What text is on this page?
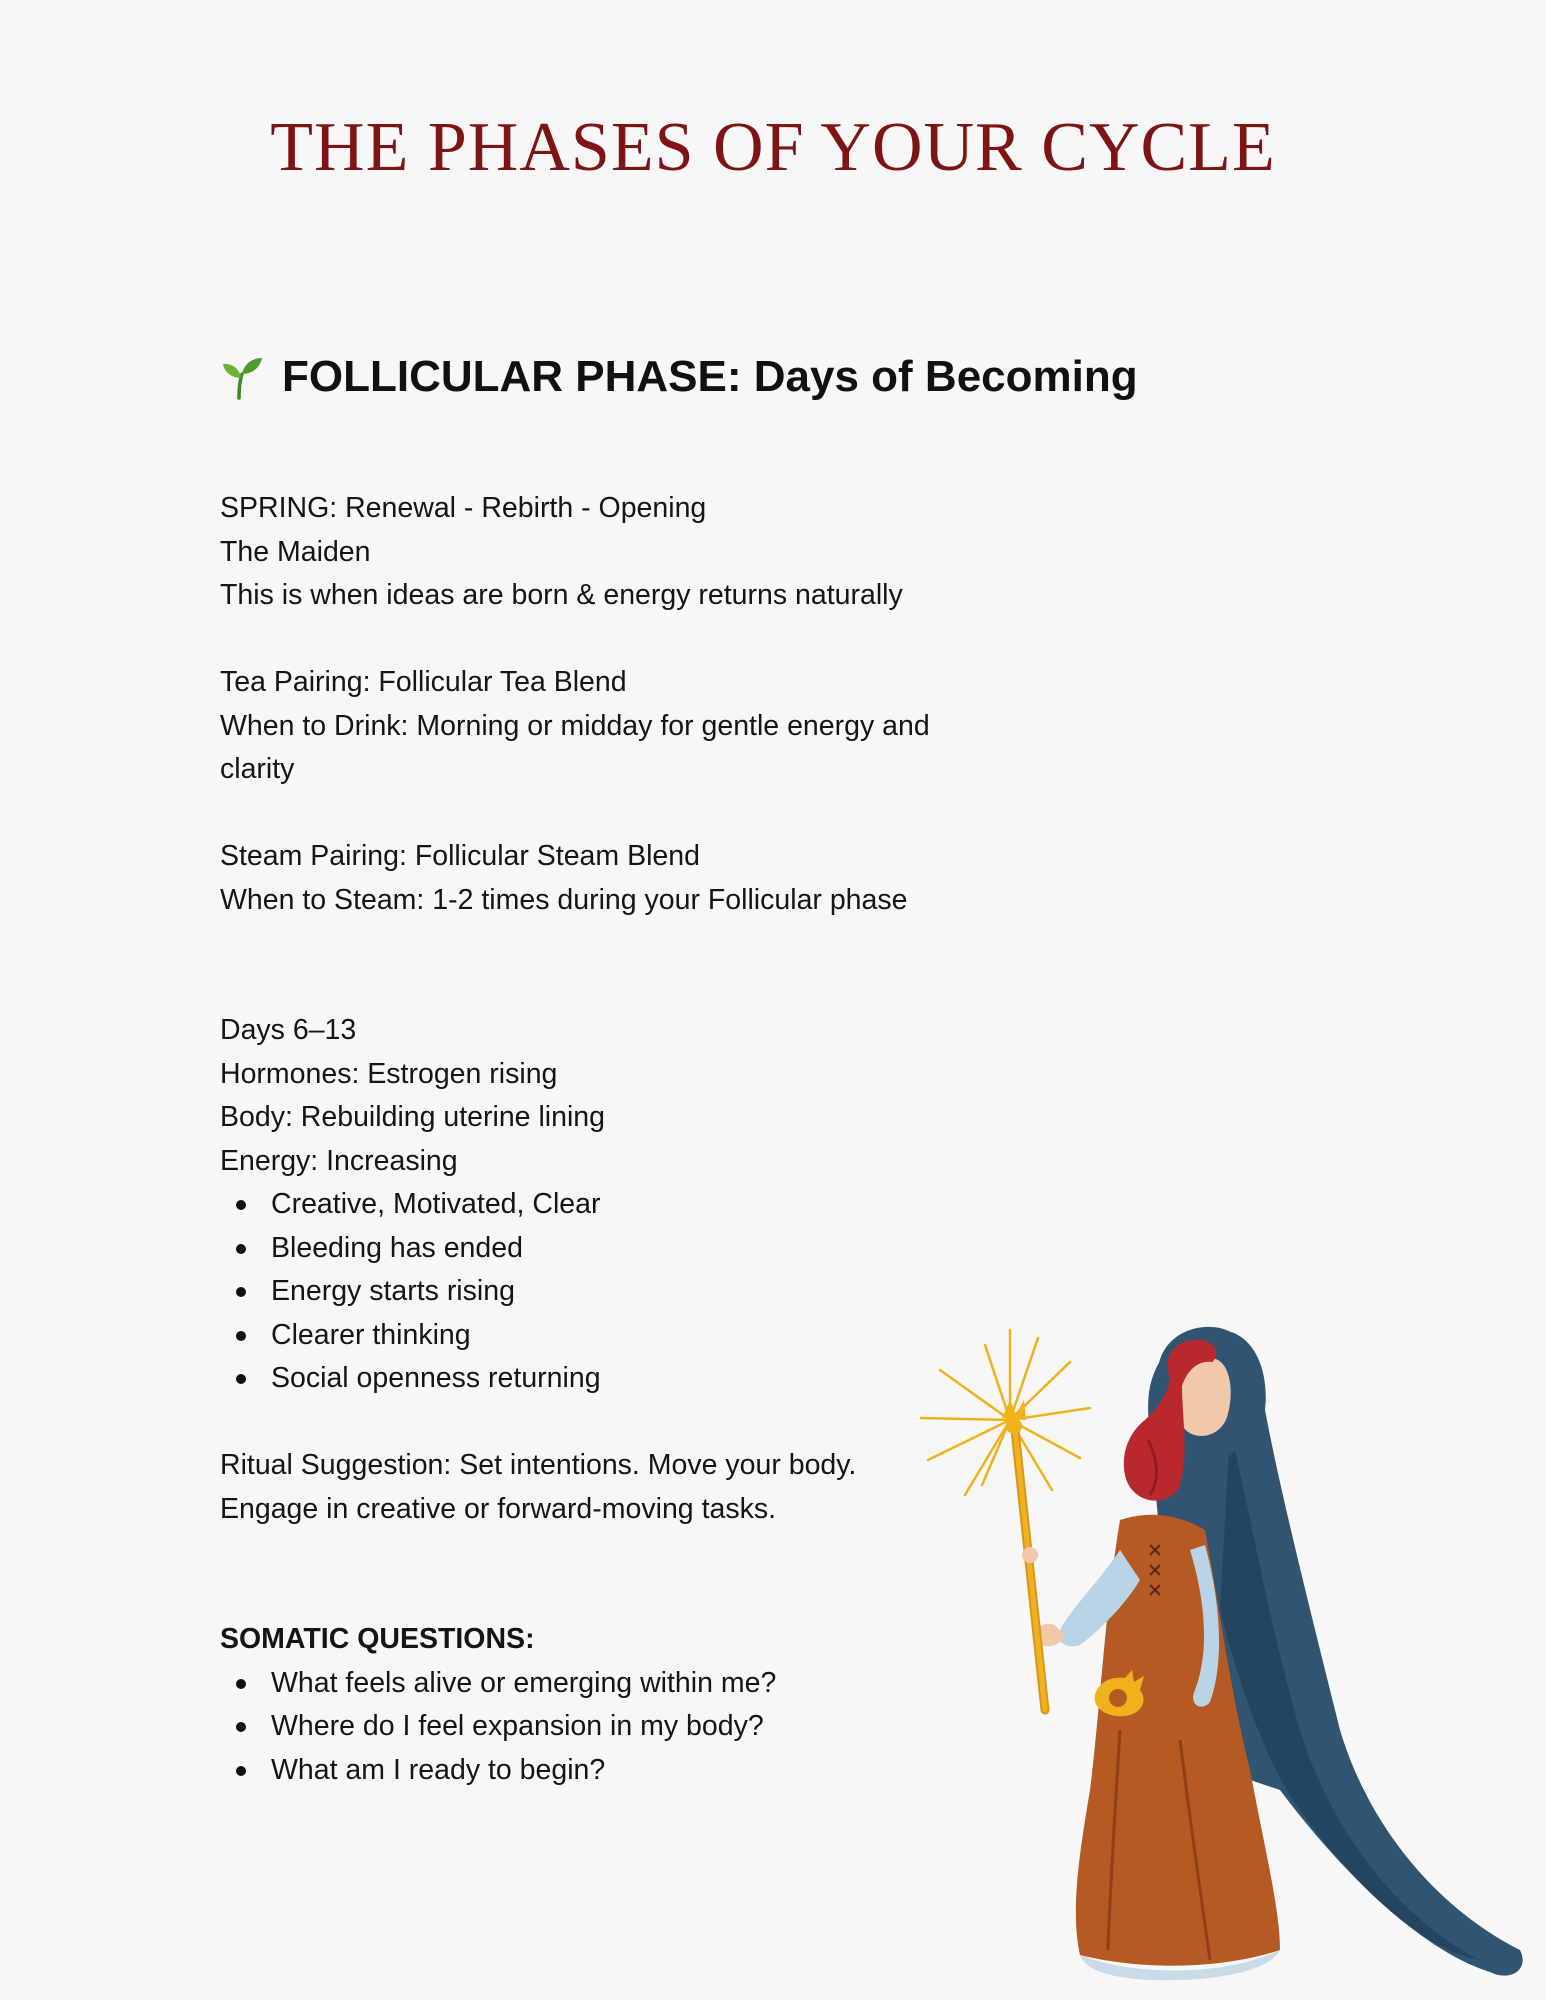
THE PHASES OF YOUR CYCLE
FOLLICULAR PHASE: Days of Becoming

SPRING: Renewal - Rebirth - Opening

The Maiden

This is when ideas are born & energy returns naturally

Tea Pairing: Follicular Tea Blend

When to Drink: Morning or midday for gentle energy and clarity

Steam Pairing: Follicular Steam Blend

When to Steam: 1-2 times during your Follicular phase

Days 6–13

Hormones: Estrogen rising

Body: Rebuilding uterine lining

Energy: Increasing

Creative, Motivated, Clear
Bleeding has ended
Energy starts rising
Clearer thinking
Social openness returning

Ritual Suggestion: Set intentions. Move your body.

Engage in creative or forward-moving tasks.

SOMATIC QUESTIONS:

What feels alive or emerging within me?
Where do I feel expansion in my body?
What am I ready to begin?
